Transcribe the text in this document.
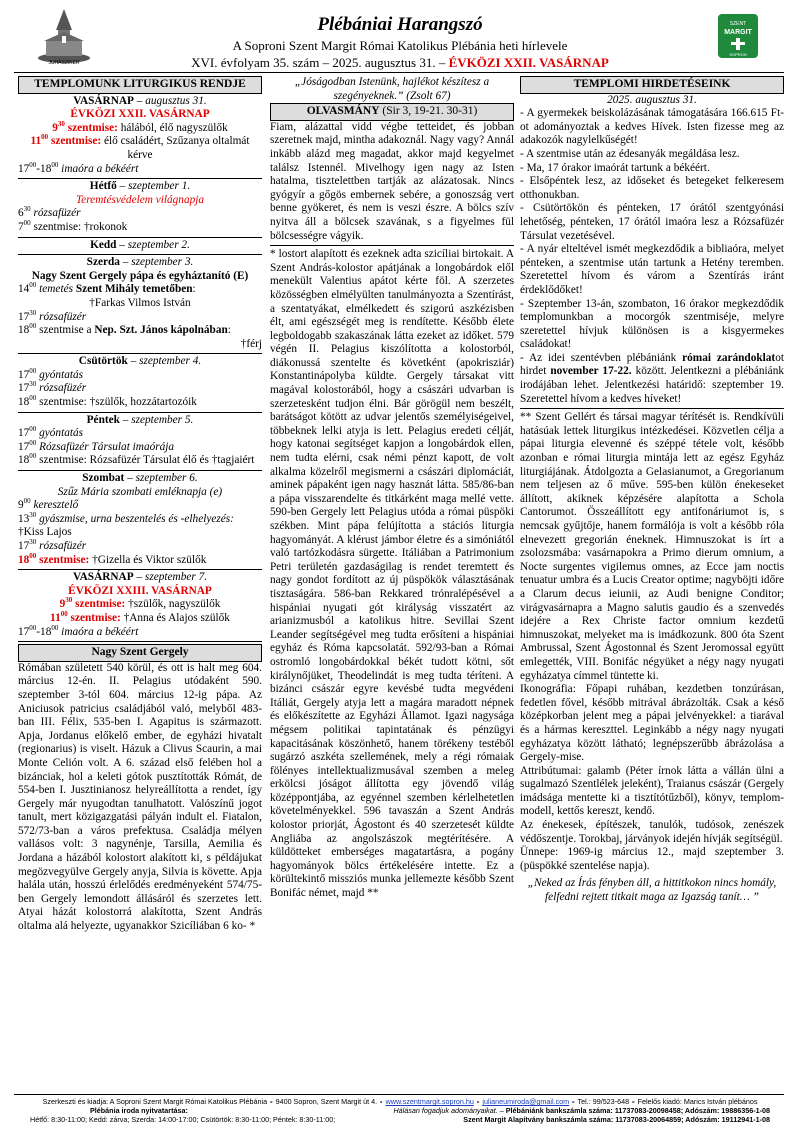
JUHÁSZIKER
SZENT
MARGIT
SOPRON
Plébániai Harangszó
A Soproni Szent Margit Római Katolikus Plébánia heti hírlevele
XVI. évfolyam 35. szám – 2025. augusztus 31. – ÉVKÖZI XXII. VASÁRNAP
TEMPLOMUNK LITURGIKUS RENDJE
VASÁRNAP – augusztus 31.
ÉVKÖZI XXII. VASÁRNAP
$9^{30}$ szentmise: hálából, élő nagyszülők
$11^{00}$ szentmise: élő családért, Szűzanya oltalmát kérve
$17^{00}-18^{00}$ imaóra a békéért
Hétfő – szeptember 1.
Teremtésvédelem világnapja
$6^{30}$ rózsafüzér
$7^{00}$ szentmise: †rokonok
Kedd – szeptember 2.
Szerda – szeptember 3.
Nagy Szent Gergely pápa és egyháztanító (E)
$14^{00}$ temetés Szent Mihály temetőben:
†Farkas Vilmos István
$17^{30}$ rózsafüzér
$18^{00}$ szentmise a Nep. Szt. János kápolnában:
†férj
Csütörtök – szeptember 4.
$17^{00}$ gyóntatás
$17^{30}$ rózsafüzér
$18^{00}$ szentmise: †szülők, hozzátartozóik
Péntek – szeptember 5.
$17^{00}$ gyóntatás
$17^{00}$ Rózsafüzér Társulat imaórája
$18^{00}$ szentmise: Rózsafüzér Társulat élő és †tagjaiért
Szombat – szeptember 6.
Szűz Mária szombati emléknapja (e)
$9^{00}$ keresztelő
$13^{30}$ gyászmise, urna beszentelés és -elhelyezés: †Kiss Lajos
$17^{30}$ rózsafüzér
$18^{00}$ szentmise: †Gizella és Viktor szülők
VASÁRNAP – szeptember 7.
ÉVKÖZI XXIII. VASÁRNAP
$9^{30}$ szentmise: †szülők, nagyszülők
$11^{00}$ szentmise: †Anna és Alajos szülők
$17^{00}-18^{00}$ imaóra a békéért
Nagy Szent Gergely

Rómában született 540 körül, és ott is halt meg 604. március 12-én. II. Pelagius utódaként 590. szeptember 3-tól 604. március 12-ig pápa. Az Aniciusok patricius családjából való, melyből 483-ban III. Félix, 535-ben I. Agapitus is származott. Apja, Jordanus előkelő ember, de egyházi hivatalt (regionarius) is viselt. Házuk a Clivus Scaurin, a mai Monte Celión volt. A 6. század első felében hol a bizánciak, hol a keleti gótok pusztították Rómát, de 554-ben I. Jusztinianosz helyreállította a rendet, így Gergely már nyugodtan tanulhatott. Valószínű jogot tanult, mert közigazgatási pályán indult el. Fiatalon, 572/73-ban a város prefektusa. Családja mélyen vallásos volt: 3 nagynénje, Tarsilla, Aemilia és Jordana a házából kolostort alakított ki, s példájukat megözvegyülve Gergely anyja, Silvia is követte. Apja halála után, hosszú érlelődés eredményeként 574/75-ben Gergely lemondott állásáról és szerzetes lett. Atyai házát kolostorrá alakította, Szent András oltalma alá helyezte, ugyanakkor Szicíliában 6 ko- *

„Jóságodban Istenünk, hajlékot készítesz a szegényeknek.” (Zsolt 67)
OLVASMÁNY (Sir 3, 19-21. 30-31)

Fiam, alázattal vidd végbe tetteidet, és jobban szeretnek majd, mintha adakoznál. Nagy vagy? Annál inkább alázd meg magadat, akkor majd kegyelmet találsz Istennél. Mivelhogy igen nagy az Isten hatalma, tisztelettben tartják az alázatosak. Nincs gyógyír a gőgös embernek sebére, a gonoszság vert benne gyökeret, és nem is veszi észre. A bölcs szív nyitva áll a bölcsek szavának, s a figyelmes fül bölcsességre vágyik.

* lostort alapított és ezeknek adta szicíliai birtokait. A Szent András-kolostor apátjának a longobárdok elől menekült Valentius apátot kérte föl. A szerzetes közösségben elmélyülten tanulmányozta a Szentírást, a szentatyákat, elmélkedett és szigorú aszkézisben élt, ami egészségét meg is rendítette. Később élete legboldogabb szakaszának látta ezeket az időket. 579 végén II. Pelagius kiszólította a kolostorból, diákonussá szentelte és követként (apokrisziár) Konstantinápolyba küldte. Gergely társakat vitt magával kolostorából, hogy a császári udvarban is szerzetesként tudjon élni. Bár görögül nem beszélt, barátságot kötött az udvar jelentős személyiségeivel, többeknek lelki atyja is lett. Pelagius eredeti célját, hogy katonai segítséget kapjon a longobárdok ellen, nem tudta elérni, csak némi pénzt kapott, de volt alkalma közelről megismerni a császári diplomáciát, aminek pápaként igen nagy hasznát látta. 585/86-ban a pápa visszarendelte és titkárként maga mellé vette. 590-ben Gergely lett Pelagius utóda a római püspöki székben. Mint pápa felújította a stációs liturgia hagyományát. A klérust jámbor életre és a simóniától való tartózkodásra sürgette. Itáliában a Patrimonium Petri területén gazdaságilag is rendet teremtett és nagy gondot fordított az új püspökök választásának tisztaságára. 586-ban Rekkared trónralépésével a hispániai nyugati gót királyság visszatért az arianizmusból a katolikus hitre. Sevillai Szent Leander segítségével meg tudta erősíteni a hispániai egyház és Róma kapcsolatát. 592/93-ban a Római ostromló longobárdokkal békét tudott kötni, sőt királynőjüket, Theodelindát is meg tudta téríteni. A bizánci császár egyre kevésbé tudta megvédeni Itáliát, Gergely atyja lett a magára maradott népnek és előkészítette az Egyházi Államot. Igazi nagysága mégsem politikai tapintatának és pénzügyi kapacitásának köszönhető, hanem törékeny testéből sugárzó aszkéta szellemének, mely a régi rómaiak fölényes intellektualizmusával szemben a meleg erkölcsi jóságot állította egy jövendő világ középpontjába, az egyénnel szemben kérlelhetetlen követelményekkel. 596 tavaszán a Szent András kolostor priorját, Ágostont és 40 szerzetesét küldte Angliába az angolszászok megtérítésére. A küldötteket emberséges magatartásra, a pogány hagyományok bölcs értékelésére intette. Ez a körültekintő missziós munka jellemezte később Szent Bonifác német, majd **

TEMPLOMI HIRDETÉSEINK
2025. augusztus 31.

- A gyermekek beiskolázásának támogatására 166.615 Ft-ot adományoztak a kedves Hívek. Isten fizesse meg az adakozók nagylelkűségét!

- A szentmise után az édesanyák megáldása lesz.

- Ma, 17 órakor imaórát tartunk a békéért.

- Elsőpéntek lesz, az időseket és betegeket felkeresem otthonukban.

- Csütörtökön és pénteken, 17 órától szentgyónási lehetőség, pénteken, 17 órától imaóra lesz a Rózsafüzér Társulat vezetésével.

- A nyár elteltével ismét megkezdődik a bibliaóra, melyet pénteken, a szentmise után tartunk a Hetény teremben. Szeretettel hívom és várom a Szentírás iránt érdeklődőket!

- Szeptember 13-án, szombaton, 16 órakor megkezdődik templomunkban a mocorgók szentmiséje, melyre szeretettel hívjuk különösen is a kisgyermekes családokat!

- Az idei szentévben plébániánk római zarándoklatot hirdet november 17-22. között. Jelentkezni a plébániánk irodájában lehet. Jelentkezési határidő: szeptember 19. Szeretettel hívom a kedves híveket!

** Szent Gellért és társai magyar térítését is. Rendkívüli hatásúak lettek liturgikus intézkedései. Közvetlen célja a pápai liturgia elevenné és széppé tétele volt, később azonban e római liturgia mintája lett az egész Egyház liturgiájának. Átdolgozta a Gelasianumot, a Gregorianum nem teljesen az ő műve. 595-ben külön énekeseket állított, akiknek képzésére alapította a Schola Cantorumot. Összeállított egy antifonáriumot is, s nemcsak gyűjtője, hanem formálója is volt a később róla elnevezett gregorián éneknek. Himnuszokat is írt a zsolozsmába: vasárnapokra a Primo dierum omnium, a Nocte surgentes vigilemus omnes, az Ecce jam noctis tenuatur umbra és a Lucis Creator optime; nagyböjti időre a Clarum decus ieiunii, az Audi benigne Conditor; virágvasárnapra a Magno salutis gaudio és a szenvedés idejére a Rex Christe factor omnium kezdetű himnuszokat, melyeket ma is imádkozunk. 800 óta Szent Ambrussal, Szent Ágostonnal és Szent Jeromossal együtt emlegették, VIII. Bonifác négyüket a négy nagy nyugati egyházatya címmel tüntette ki.

Ikonográfia: Főpapi ruhában, kezdetben tonzúrásan, fedetlen fővel, később mitrával ábrázolták. Csak a késő középkorban jelent meg a pápai jelvényekkel: a tiarával és a hármas kereszttel. Leginkább a négy nagy nyugati egyházatya között látható; legnépszerűbb ábrázolása a Gergely-mise.

Attribútumai: galamb (Péter írnok látta a vállán ülni a sugalmazó Szentlélek jeleként), Traianus császár (Gergely imádsága mentette ki a tisztítótűzből), könyv, templom-modell, kettős kereszt, kendő.

Az énekesek, építészek, tanulók, tudósok, zenészek védőszentje. Torokbaj, járványok idején hívják segítségül.

Ünnepe: 1969-ig március 12., majd szeptember 3. (püspökké szentelése napja).

„Neked az Írás fényben áll, a hittitkokon nincs homály, felfedni rejtett titkait maga az Igazság tanít… ”

Szerkeszti és kiadja: A Soproni Szent Margit Római Katolikus Plébánia ∘ 9400 Sopron, Szent Margit út 4. ∘ www.szentmargit.sopron.hu ∘ julianeumiroda@gmail.com ∘ Tel.: 99/523-648 ∘ Felelős kiadó: Marics István plébános
Plébánia iroda nyitvatartása:	Hálásan fogadjuk adományaikat. – Plébániánk bankszámla száma: 11737083-20098458; Adószám: 19886356-1-08
Hétfő: 8:30-11:00; Kedd: zárva; Szerda: 14:00-17:00; Csütörtök: 8:30-11:00; Péntek: 8:30-11:00;	Szent Margit Alapítvány bankszámla száma: 11737083-20064859; Adószám: 19112941-1-08
